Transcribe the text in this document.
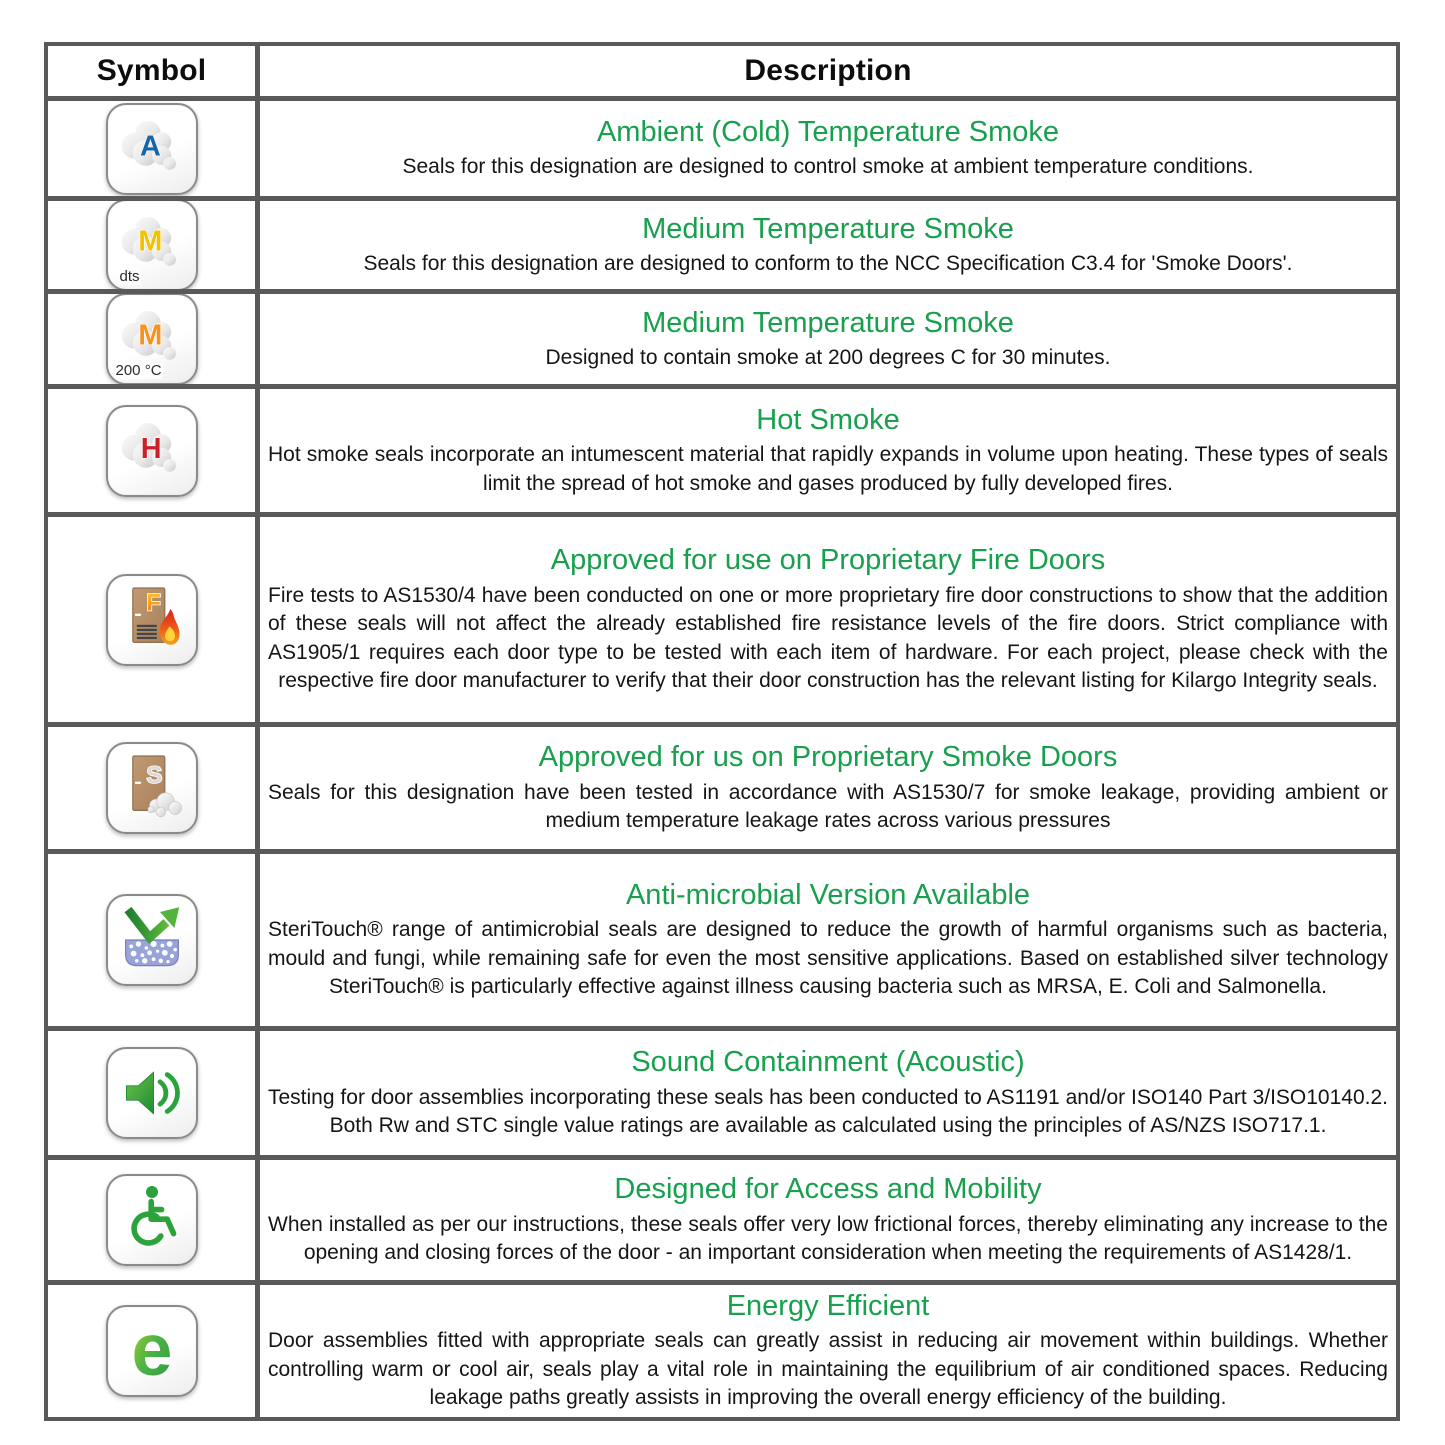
Symbol	Description
A	Ambient (Cold) Temperature Smoke
Seals for this designation are designed to control smoke at ambient temperature conditions.
M
dts
Medium Temperature Smoke
Seals for this designation are designed to conform to the NCC Specification C3.4 for 'Smoke Doors'.
M
200 °C
Medium Temperature Smoke
Designed to contain smoke at 200 degrees C for 30 minutes.
H
Hot Smoke
Hot smoke seals incorporate an intumescent material that rapidly expands in volume upon heating. These types of seals limit the spread of hot smoke and gases produced by fully developed fires.
F
Approved for use on Proprietary Fire Doors
Fire tests to AS1530/4 have been conducted on one or more proprietary fire door constructions to show that the addition of these seals will not affect the already established fire resistance levels of the fire doors. Strict compliance with AS1905/1 requires each door type to be tested with each item of hardware. For each project, please check with the respective fire door manufacturer to verify that their door construction has the relevant listing for Kilargo Integrity seals.
S
Approved for us on Proprietary Smoke Doors
Seals for this designation have been tested in accordance with AS1530/7 for smoke leakage, providing ambient or medium temperature leakage rates across various pressures
Anti-microbial Version Available
SteriTouch® range of antimicrobial seals are designed to reduce the growth of harmful organisms such as bacteria, mould and fungi, while remaining safe for even the most sensitive applications. Based on established silver technology SteriTouch® is particularly effective against illness causing bacteria such as MRSA, E. Coli and Salmonella.
Sound Containment (Acoustic)
Testing for door assemblies incorporating these seals has been conducted to AS1191 and/or ISO140 Part 3/ISO10140.2. Both Rw and STC single value ratings are available as calculated using the principles of AS/NZS ISO717.1.
Designed for Access and Mobility
When installed as per our instructions, these seals offer very low frictional forces, thereby eliminating any increase to the opening and closing forces of the door - an important consideration when meeting the requirements of AS1428/1.
e
Energy Efficient
Door assemblies fitted with appropriate seals can greatly assist in reducing air movement within buildings. Whether controlling warm or cool air, seals play a vital role in maintaining the equilibrium of air conditioned spaces. Reducing leakage paths greatly assists in improving the overall energy efficiency of the building.
